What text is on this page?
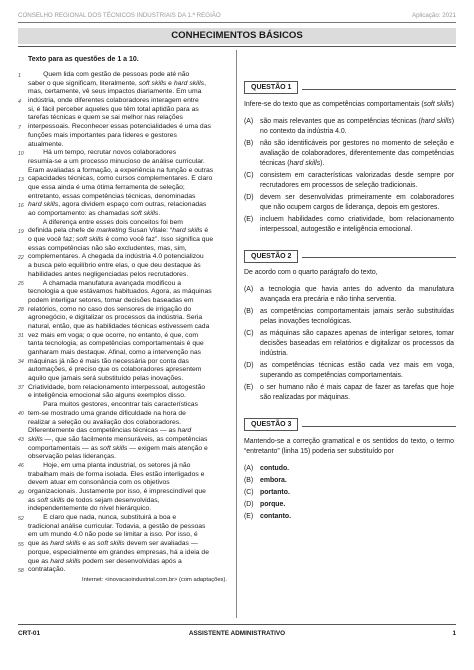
CONSELHO REGIONAL DOS TÉCNICOS INDUSTRIAIS DA 1.ª REGIÃO	Aplicação: 2021
CONHECIMENTOS BÁSICOS
Texto para as questões de 1 a 10.
1 Quem lida com gestão de pessoas pode até não
saber o que significam, literalmente, soft skills e hard skills,
mas, certamente, vê seus impactos diariamente. Em uma
4 indústria, onde diferentes colaboradores interagem entre
si, é fácil perceber aqueles que têm total aptidão para as
tarefas técnicas e quem se sai melhor nas relações
7 interpessoais. Reconhecer essas potencialidades é uma das
funções mais importantes para líderes e gestores
atualmente.
10 Há um tempo, recrutar novos colaboradores
resumia-se a um processo minucioso de análise curricular.
Eram avaliadas a formação, a experiência na função e outras
13 capacidades técnicas, como cursos complementares. É claro
que essa ainda é uma ótima ferramenta de seleção;
entretanto, essas competências técnicas, denominadas
16 hard skills, agora dividem espaço com outras, relacionadas
ao comportamento: as chamadas soft skills.
A diferença entre esses dois conceitos foi bem
19 definida pela chefe de marketing Susan Vitale: “hard skills é
o que você faz; soft skills é como você faz”. Isso significa que
essas competências não são excludentes, mas, sim,
22 complementares. A chegada da indústria 4.0 potencializou
a busca pelo equilíbrio entre elas, o que deu destaque às
habilidades antes negligenciadas pelos recrutadores.
25 A chamada manufatura avançada modificou a
tecnologia a que estávamos habituados. Agora, as máquinas
podem interligar setores, tomar decisões baseadas em
28 relatórios, como no caso dos sensores de irrigação do
agronegócio, e digitalizar os processos da indústria. Seria
natural, então, que as habilidades técnicas estivessem cada
31 vez mais em voga; o que ocorre, no entanto, é que, com
tanta tecnologia, as competências comportamentais é que
ganharam mais destaque. Afinal, como a intervenção nas
34 máquinas já não é mais tão necessária por conta das
automações, é preciso que os colaboradores apresentem
aquilo que jamais será substituído pelas inovações.
37 Criatividade, bom relacionamento interpessoal, autogestão
e inteligência emocional são alguns exemplos disso.
Para muitos gestores, encontrar tais características
40 tem-se mostrado uma grande dificuldade na hora de
realizar a seleção ou avaliação dos colaboradores.
Diferentemente das competências técnicas — as hard
43 skills —, que são facilmente mensuráveis, as competências
comportamentais — as soft skills — exigem mais atenção e
observação pelas lideranças.
46 Hoje, em uma planta industrial, os setores já não
trabalham mais de forma isolada. Eles estão interligados e
devem atuar em consonância com os objetivos
49 organizacionais. Justamente por isso, é imprescindível que
as soft skills de todos sejam desenvolvidas,
independentemente do nível hierárquico.
52 É claro que nada, nunca, substituirá a boa e
tradicional análise curricular. Todavia, a gestão de pessoas
em um mundo 4.0 não pode se limitar a isso. Por isso, é
55 que as hard skills e as soft skills devem ser avaliadas —
porque, especialmente em grandes empresas, há a ideia de
que as hard skills podem ser desenvolvidas após a
58 contratação.
Internet: <inovacaoindustrial.com.br> (com adaptações).
QUESTÃO 1
Infere-se do texto que as competências comportamentais (soft skills)
(A) são mais relevantes que as competências técnicas (hard skills) no contexto da indústria 4.0.
(B) não são identificáveis por gestores no momento de seleção e avaliação de colaboradores, diferentemente das competências técnicas (hard skills).
(C) consistem em características valorizadas desde sempre por recrutadores em processos de seleção tradicionais.
(D) devem ser desenvolvidas primeiramente em colaboradores que não ocupem cargos de liderança, depois em gestores.
(E) incluem habilidades como criatividade, bom relacionamento interpessoal, autogestão e inteligência emocional.
QUESTÃO 2
De acordo com o quarto parágrafo do texto,
(A) a tecnologia que havia antes do advento da manufatura avançada era precária e não tinha serventia.
(B) as competências comportamentais jamais serão substituídas pelas inovações tecnológicas.
(C) as máquinas são capazes apenas de interligar setores, tomar decisões baseadas em relatórios e digitalizar os processos da indústria.
(D) as competências técnicas estão cada vez mais em voga, superando as competências comportamentais.
(E) o ser humano não é mais capaz de fazer as tarefas que hoje são realizadas por máquinas.
QUESTÃO 3
Mantendo-se a correção gramatical e os sentidos do texto, o termo “entretanto” (linha 15) poderia ser substituído por
(A) contudo.
(B) embora.
(C) portanto.
(D) porque.
(E) contanto.
CRT-01	ASSISTENTE ADMINISTRATIVO	1
